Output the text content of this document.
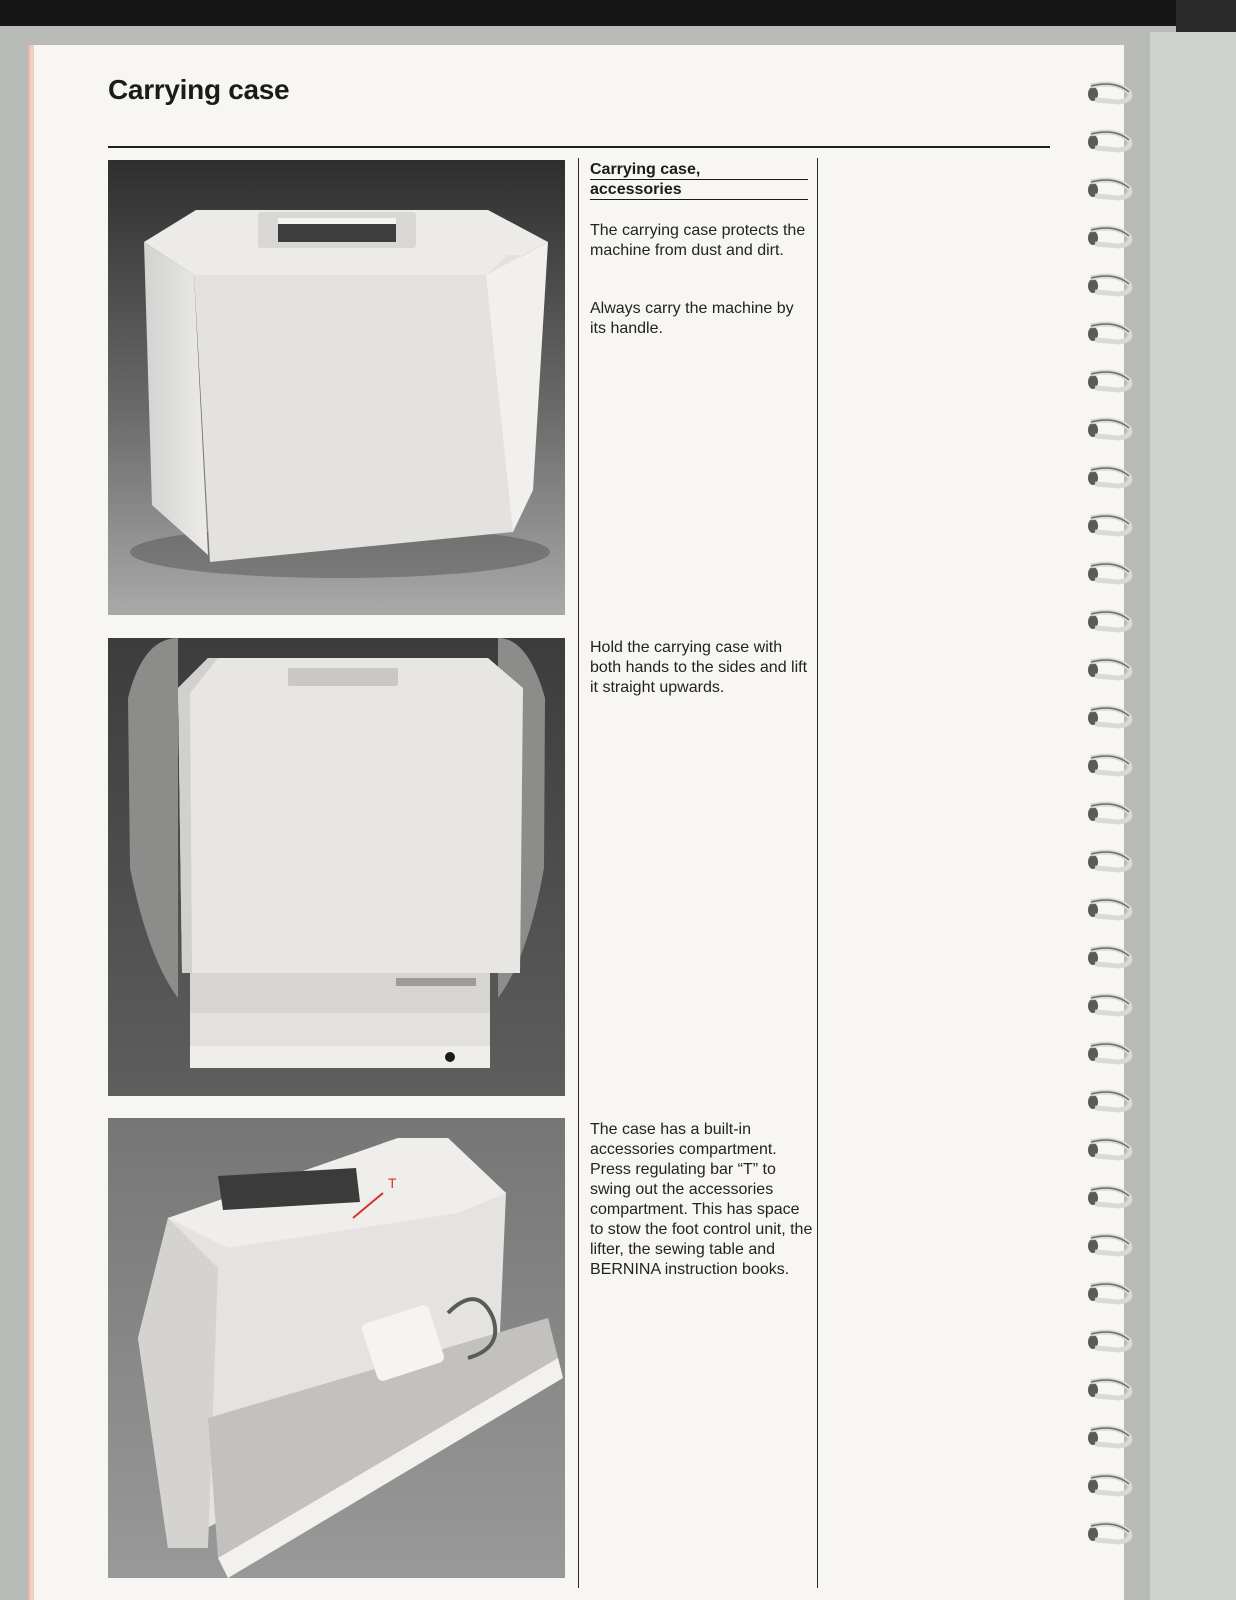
Carrying case
T
Carrying case,
accessories

The carrying case protects the machine from dust and dirt.

Always carry the machine by its handle.

Hold the carrying case with both hands to the sides and lift it straight upwards.

The case has a built-in accessories compartment. Press regulating bar “T” to swing out the accessories compartment. This has space to stow the foot control unit, the lifter, the sewing table and BERNINA instruction books.
